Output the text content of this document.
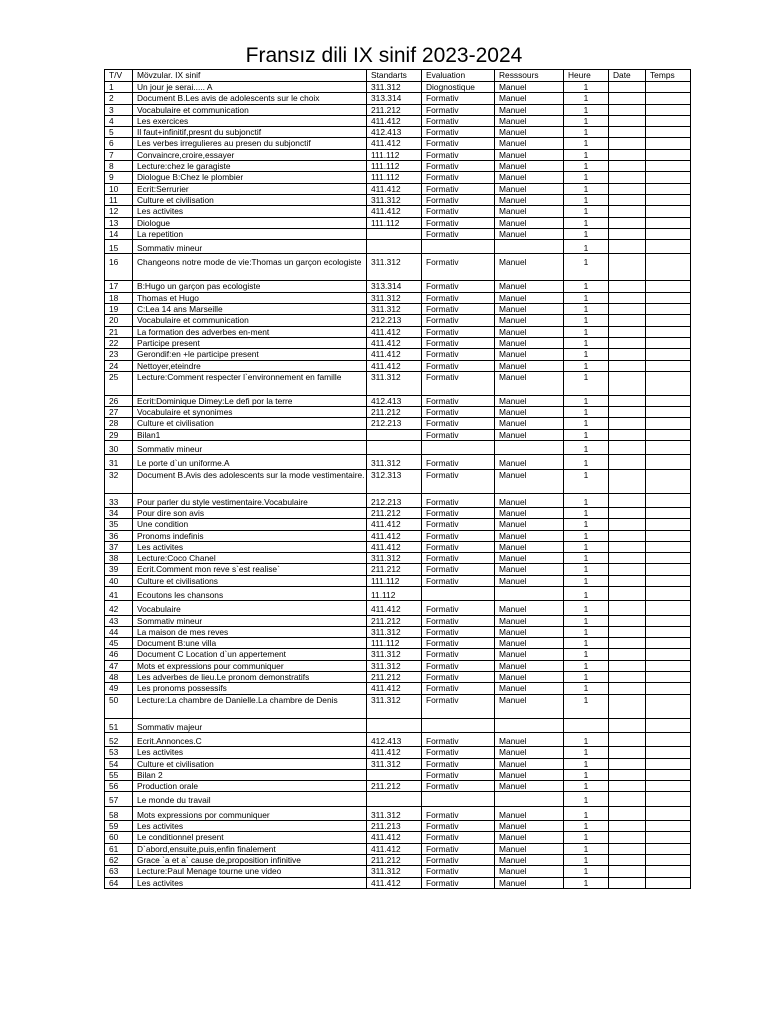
Fransız dili IX sinif 2023-2024
T/V	Mövzular. IX sinif	Standarts	Evaluation	Resssours	Heure	Date	Temps
1	Un jour je serai..... A	311.312	Diognostique	Manuel	1		
2	Document B.Les avis de adolescents sur le choix	313.314	Formativ	Manuel	1		
3	Vocabulaire et communication	211.212	Formativ	Manuel	1		
4	Les exercices	411.412	Formativ	Manuel	1		
5	Il faut+infinitif,presnt du subjonctif	412.413	Formativ	Manuel	1		
6	Les verbes irregulieres au presen du subjonctif	411.412	Formativ	Manuel	1		
7	Convaincre,croire,essayer	111.112	Formativ	Manuel	1		
8	Lecture:chez le garagiste	111.112	Formativ	Manuel	1		
9	Diologue B:Chez le plombier	111.112	Formativ	Manuel	1		
10	Ecrit:Serrurier	411.412	Formativ	Manuel	1		
11	Culture et civilisation	311.312	Formativ	Manuel	1		
12	Les activites	411.412	Formativ	Manuel	1		
13	Diologue	111.112	Formativ	Manuel	1		
14	La repetition		Formativ	Manuel	1		
15	Sommativ mineur				1		
16	Changeons notre mode de vie:Thomas un garçon ecologiste	311.312	Formativ	Manuel	1		
17	B:Hugo un garçon pas ecologiste	313.314	Formativ	Manuel	1		
18	Thomas et Hugo	311.312	Formativ	Manuel	1		
19	C:Lea 14 ans Marseille	311.312	Formativ	Manuel	1		
20	Vocabulaire et communication	212.213	Formativ	Manuel	1		
21	La formation des adverbes en-ment	411.412	Formativ	Manuel	1		
22	Participe present	411.412	Formativ	Manuel	1		
23	Gerondif:en +le participe present	411.412	Formativ	Manuel	1		
24	Nettoyer,eteindre	411.412	Formativ	Manuel	1		
25	Lecture:Comment respecter l`environnement en famille	311.312	Formativ	Manuel	1		
26	Ecrit:Dominique Dimey:Le defi por la terre	412.413	Formativ	Manuel	1		
27	Vocabulaire et synonimes	211.212	Formativ	Manuel	1		
28	Culture et civilisation	212.213	Formativ	Manuel	1		
29	Bilan1		Formativ	Manuel	1		
30	Sommativ mineur				1		
31	Le porte d`un uniforme.A	311.312	Formativ	Manuel	1		
32	Document B.Avis des adolescents sur la mode vestimentaire.	312.313	Formativ	Manuel	1		
33	Pour parler du style vestimentaire.Vocabulaire	212.213	Formativ	Manuel	1		
34	Pour dire son avis	211.212	Formativ	Manuel	1		
35	Une condition	411.412	Formativ	Manuel	1		
36	Pronoms indefinis	411.412	Formativ	Manuel	1		
37	Les activites	411.412	Formativ	Manuel	1		
38	Lecture:Coco Chanel	311.312	Formativ	Manuel	1		
39	Ecrit.Comment mon reve s`est realise`	211.212	Formativ	Manuel	1		
40	Culture et civilisations	111.112	Formativ	Manuel	1		
41	Ecoutons les chansons	11.112			1		
42	Vocabulaire	411.412	Formativ	Manuel	1		
43	Sommativ mineur	211.212	Formativ	Manuel	1		
44	La maison de mes reves	311.312	Formativ	Manuel	1		
45	Document B:une villa	111.112	Formativ	Manuel	1		
46	Document C Location d`un appertement	311.312	Formativ	Manuel	1		
47	Mots et expressions pour communiquer	311.312	Formativ	Manuel	1		
48	Les adverbes de lieu.Le pronom demonstratifs	211.212	Formativ	Manuel	1		
49	Les pronoms possessifs	411.412	Formativ	Manuel	1		
50	Lecture:La chambre de Danielle.La chambre de Denis	311.312	Formativ	Manuel	1		
51	Sommativ majeur						
52	Ecrit.Annonces.C	412.413	Formativ	Manuel	1		
53	Les activites	411.412	Formativ	Manuel	1		
54	Culture et civilisation	311.312	Formativ	Manuel	1		
55	Bilan 2		Formativ	Manuel	1		
56	Production orale	211.212	Formativ	Manuel	1		
57	Le monde du travail				1		
58	Mots expressions por communiquer	311.312	Formativ	Manuel	1		
59	Les activites	211.213	Formativ	Manuel	1		
60	Le conditionnel present	411.412	Formativ	Manuel	1		
61	D`abord,ensuite,puis,enfin finalement	411.412	Formativ	Manuel	1		
62	Grace `a et a` cause de,proposition infinitive	211.212	Formativ	Manuel	1		
63	Lecture:Paul Menage tourne une video	311.312	Formativ	Manuel	1		
64	Les activites	411.412	Formativ	Manuel	1		
